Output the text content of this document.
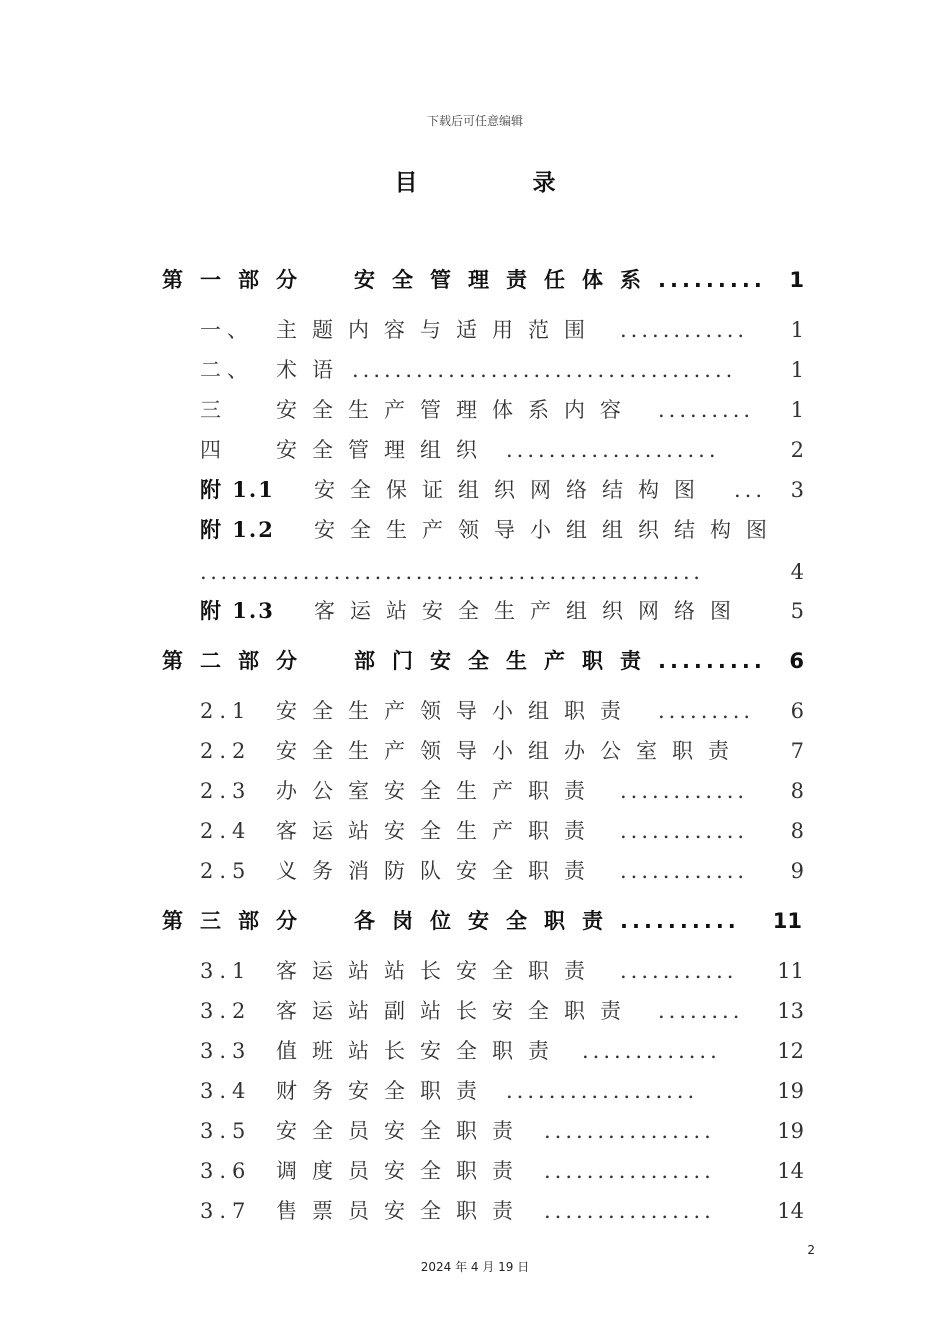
下载后可任意编辑
目	录
第一部分 安全管理责任体系 .........	1
一、 主题内容与适用范围 ............	1
二、 术语 ....................................	1
三 安全生产管理体系内容 .........	1
四 安全管理组织 ....................	2
附 1.1 安全保证组织网络结构图 ...	3
附 1.2 安全生产领导小组组织结构图
.................................................	4
附 1.3 客运站安全生产组织网络图	5
第二部分 部门安全生产职责 .........	6
2.1 安全生产领导小组职责 .........	6
2.2 安全生产领导小组办公室职责	7
2.3 办公室安全生产职责 ............	8
2.4 客运站安全生产职责 ............	8
2.5 义务消防队安全职责 ............	9
第三部分 各岗位安全职责 ..........	11
3.1 客运站站长安全职责 ...........	11
3.2 客运站副站长安全职责 ........	13
3.3 值班站长安全职责 .............	12
3.4 财务安全职责 ..................	19
3.5 安全员安全职责 ................	19
3.6 调度员安全职责 ................	14
3.7 售票员安全职责 ................	14
2
2024 年 4 月 19 日
